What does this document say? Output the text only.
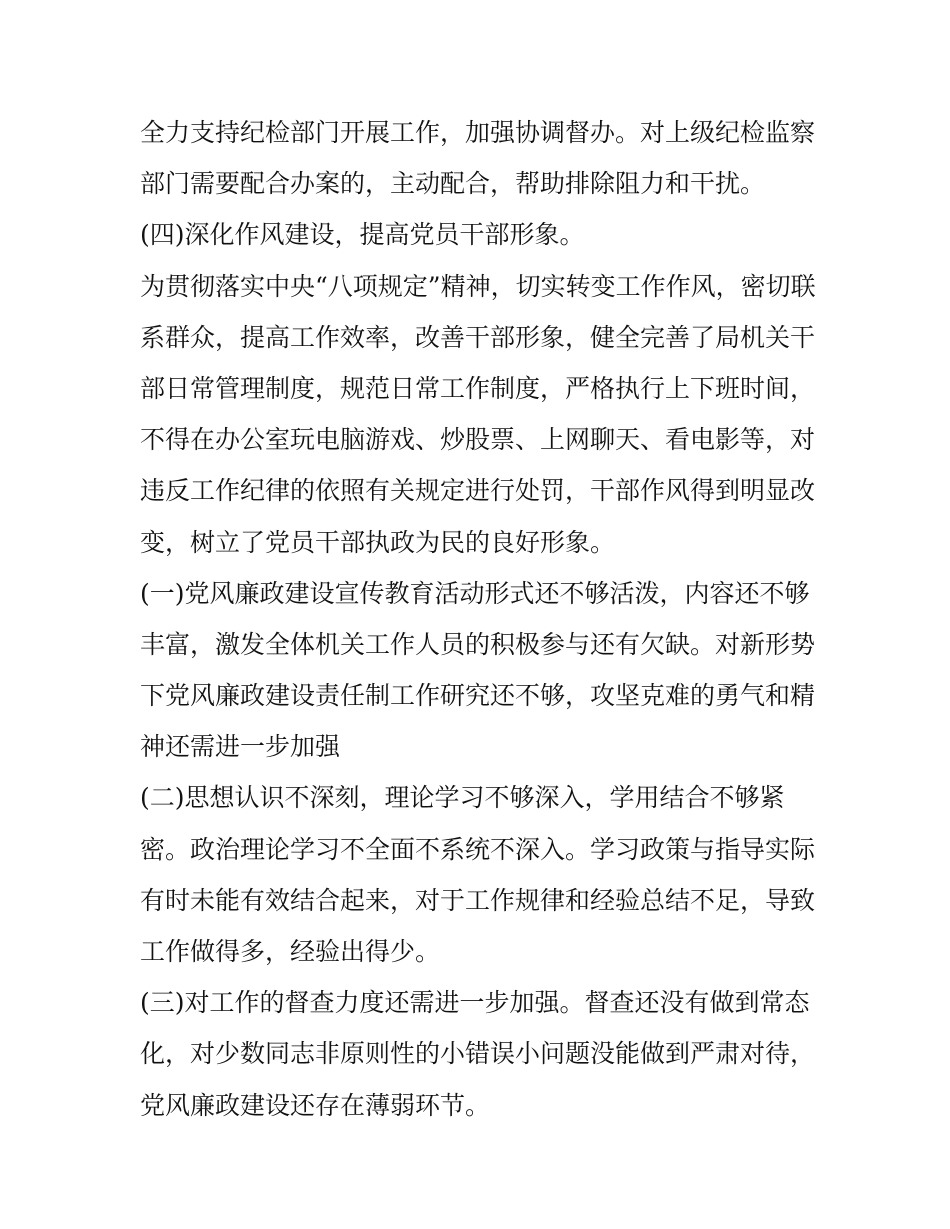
全力支持纪检部门开展工作，加强协调督办。对上级纪检监察
部门需要配合办案的，主动配合，帮助排除阻力和干扰。
(四)深化作风建设，提高党员干部形象。
为贯彻落实中央“八项规定”精神，切实转变工作作风，密切联
系群众，提高工作效率，改善干部形象，健全完善了局机关干
部日常管理制度，规范日常工作制度，严格执行上下班时间，
不得在办公室玩电脑游戏、炒股票、上网聊天、看电影等，对
违反工作纪律的依照有关规定进行处罚，干部作风得到明显改
变，树立了党员干部执政为民的良好形象。
(一)党风廉政建设宣传教育活动形式还不够活泼，内容还不够
丰富，激发全体机关工作人员的积极参与还有欠缺。对新形势
下党风廉政建设责任制工作研究还不够，攻坚克难的勇气和精
神还需进一步加强
(二)思想认识不深刻，理论学习不够深入，学用结合不够紧
密。政治理论学习不全面不系统不深入。学习政策与指导实际
有时未能有效结合起来，对于工作规律和经验总结不足，导致
工作做得多，经验出得少。
(三)对工作的督查力度还需进一步加强。督查还没有做到常态
化，对少数同志非原则性的小错误小问题没能做到严肃对待，
党风廉政建设还存在薄弱环节。
